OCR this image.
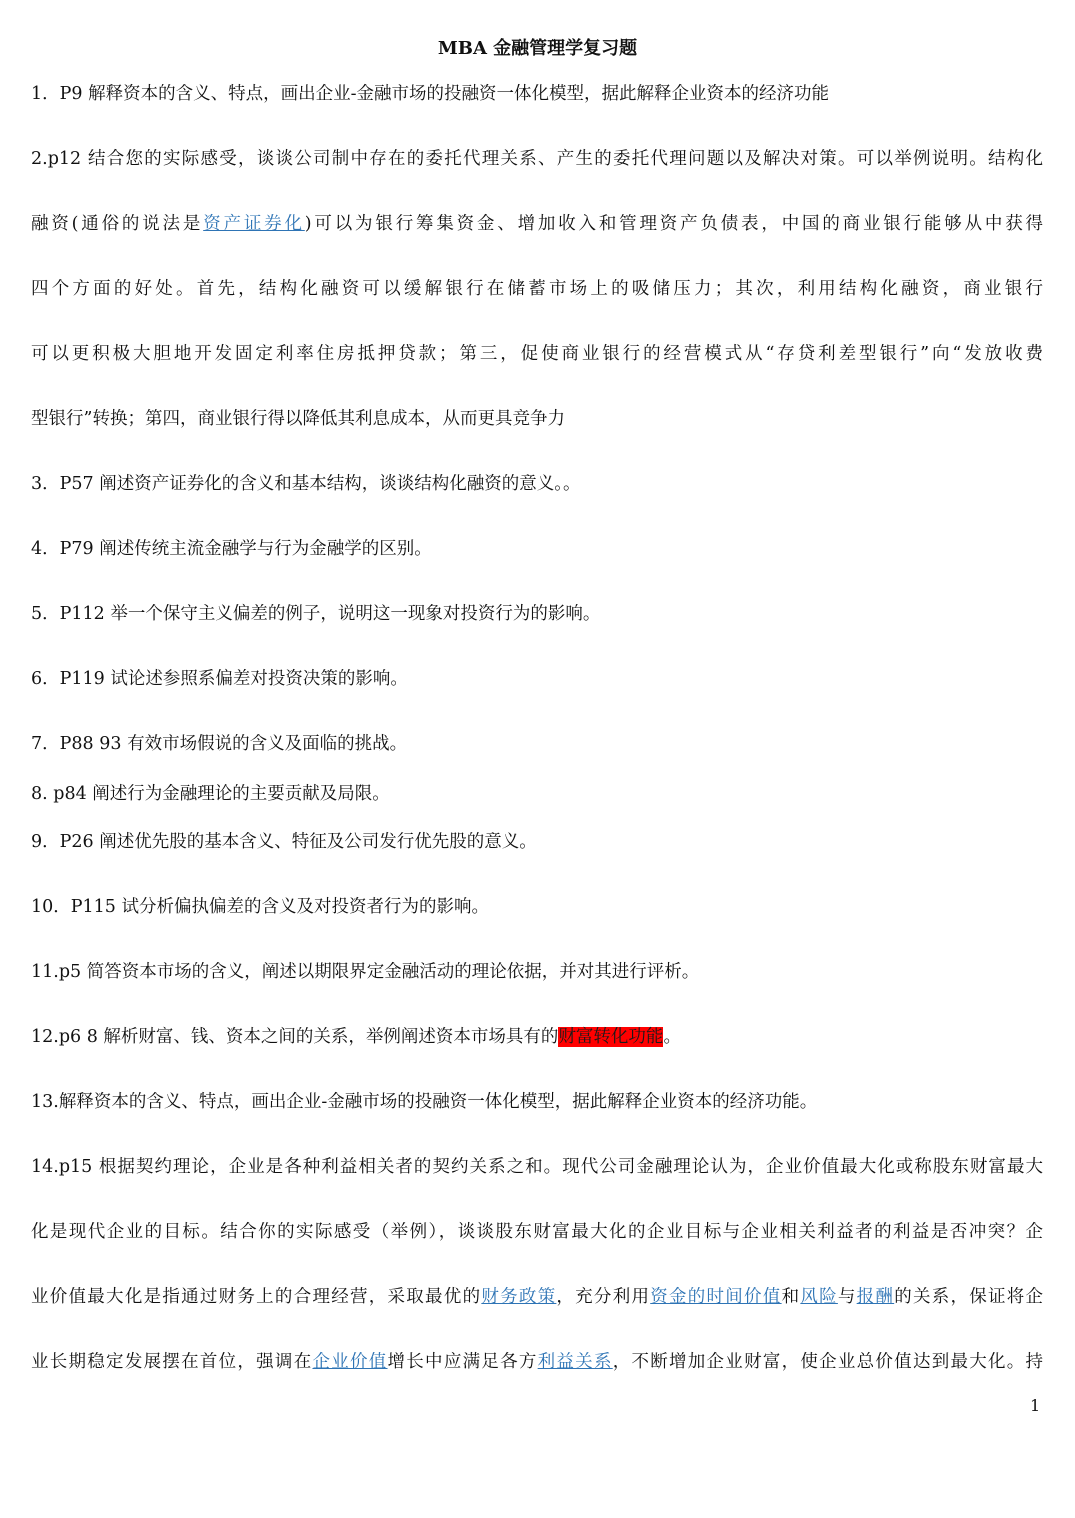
MBA 金融管理学复习题
1．P9 解释资本的含义、特点，画出企业-金融市场的投融资一体化模型，据此解释企业资本的经济功能
2.p12 结合您的实际感受，谈谈公司制中存在的委托代理关系、产生的委托代理问题以及解决对策。可以举例说明。结构化
融资(通俗的说法是资产证券化)可以为银行筹集资金、增加收入和管理资产负债表，中国的商业银行能够从中获得
四个方面的好处。首先，结构化融资可以缓解银行在储蓄市场上的吸储压力；其次，利用结构化融资，商业银行
可以更积极大胆地开发固定利率住房抵押贷款；第三，促使商业银行的经营模式从“存贷利差型银行”向“发放收费
型银行”转换；第四，商业银行得以降低其利息成本，从而更具竞争力
3．P57 阐述资产证券化的含义和基本结构，谈谈结构化融资的意义。。
4．P79 阐述传统主流金融学与行为金融学的区别。
5．P112 举一个保守主义偏差的例子，说明这一现象对投资行为的影响。
6．P119 试论述参照系偏差对投资决策的影响。
7．P88 93 有效市场假说的含义及面临的挑战。
8. p84 阐述行为金融理论的主要贡献及局限。
9．P26 阐述优先股的基本含义、特征及公司发行优先股的意义。
10．P115 试分析偏执偏差的含义及对投资者行为的影响。
11.p5 简答资本市场的含义，阐述以期限界定金融活动的理论依据，并对其进行评析。
12.p6 8 解析财富、钱、资本之间的关系，举例阐述资本市场具有的财富转化功能。
13.解释资本的含义、特点，画出企业-金融市场的投融资一体化模型，据此解释企业资本的经济功能。
14.p15 根据契约理论，企业是各种利益相关者的契约关系之和。现代公司金融理论认为，企业价值最大化或称股东财富最大
化是现代企业的目标。结合你的实际感受（举例），谈谈股东财富最大化的企业目标与企业相关利益者的利益是否冲突？企
业价值最大化是指通过财务上的合理经营，采取最优的财务政策，充分利用资金的时间价值和风险与报酬的关系，保证将企
业长期稳定发展摆在首位，强调在企业价值增长中应满足各方利益关系，不断增加企业财富，使企业总价值达到最大化。持
1
